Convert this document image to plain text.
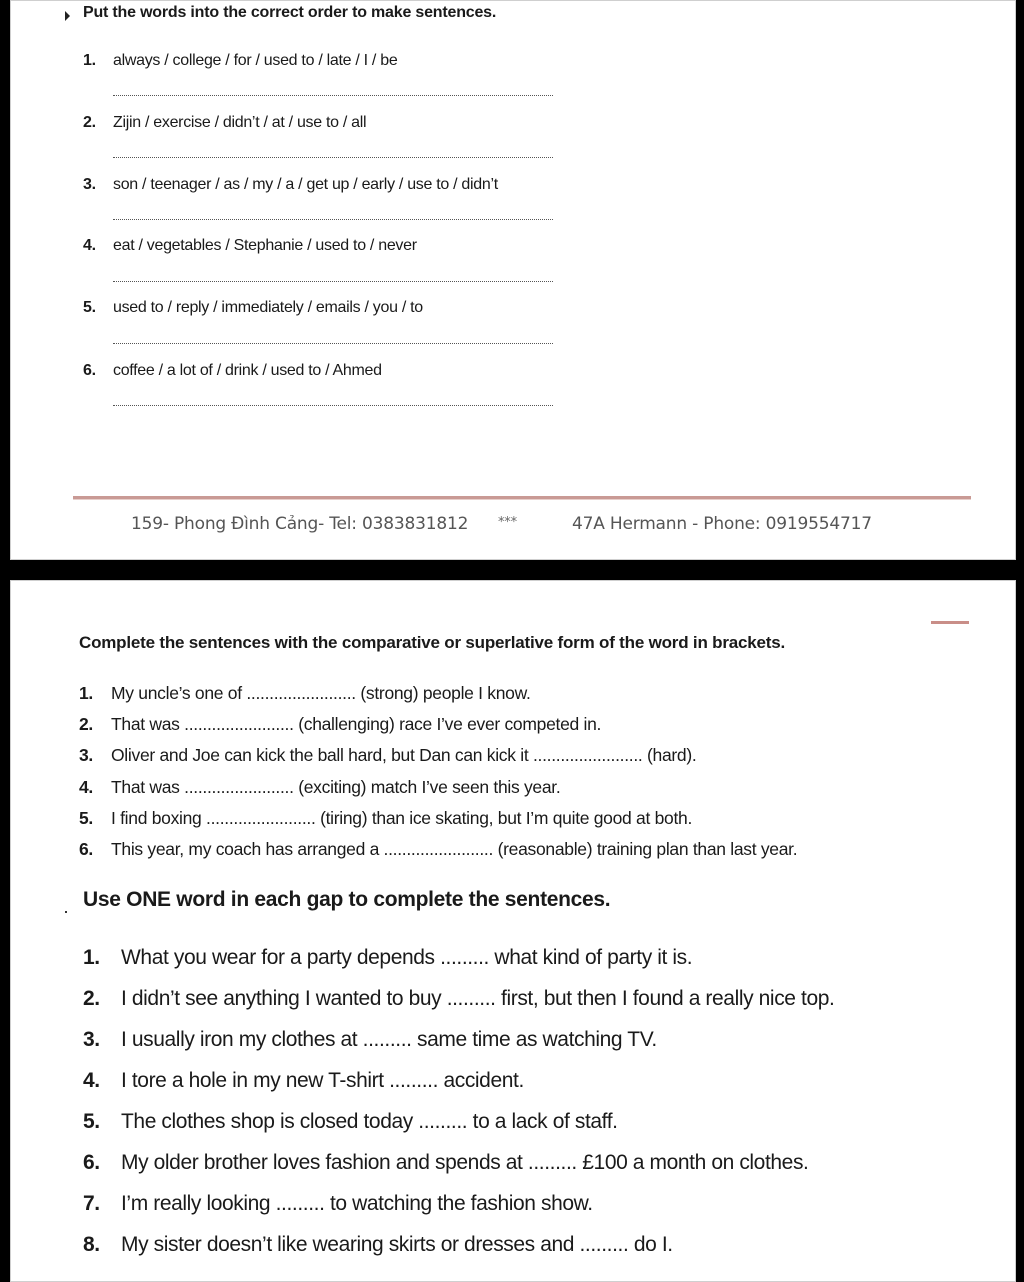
Put the words into the correct order to make sentences.
1. always / college / for / used to / late / I / be
2. Zijin / exercise / didn’t / at / use to / all
3. son / teenager / as / my / a / get up / early / use to / didn’t
4. eat / vegetables / Stephanie / used to / never
5. used to / reply / immediately / emails / you / to
6. coffee / a lot of / drink / used to / Ahmed
159- Phong Đình Cảng- Tel: 0383831812 ***	47A Hermann - Phone: 0919554717
Complete the sentences with the comparative or superlative form of the word in brackets.
1. My uncle’s one of ........................ (strong) people I know.
2. That was ........................ (challenging) race I’ve ever competed in.
3. Oliver and Joe can kick the ball hard, but Dan can kick it ........................ (hard).
4. That was ........................ (exciting) match I’ve seen this year.
5. I find boxing ........................ (tiring) than ice skating, but I’m quite good at both.
6. This year, my coach has arranged a ........................ (reasonable) training plan than last year.
Use ONE word in each gap to complete the sentences.
1. What you wear for a party depends ......... what kind of party it is.
2. I didn’t see anything I wanted to buy ......... first, but then I found a really nice top.
3. I usually iron my clothes at ......... same time as watching TV.
4. I tore a hole in my new T-shirt ......... accident.
5. The clothes shop is closed today ......... to a lack of staff.
6. My older brother loves fashion and spends at ......... £100 a month on clothes.
7. I’m really looking ......... to watching the fashion show.
8. My sister doesn’t like wearing skirts or dresses and ......... do I.
